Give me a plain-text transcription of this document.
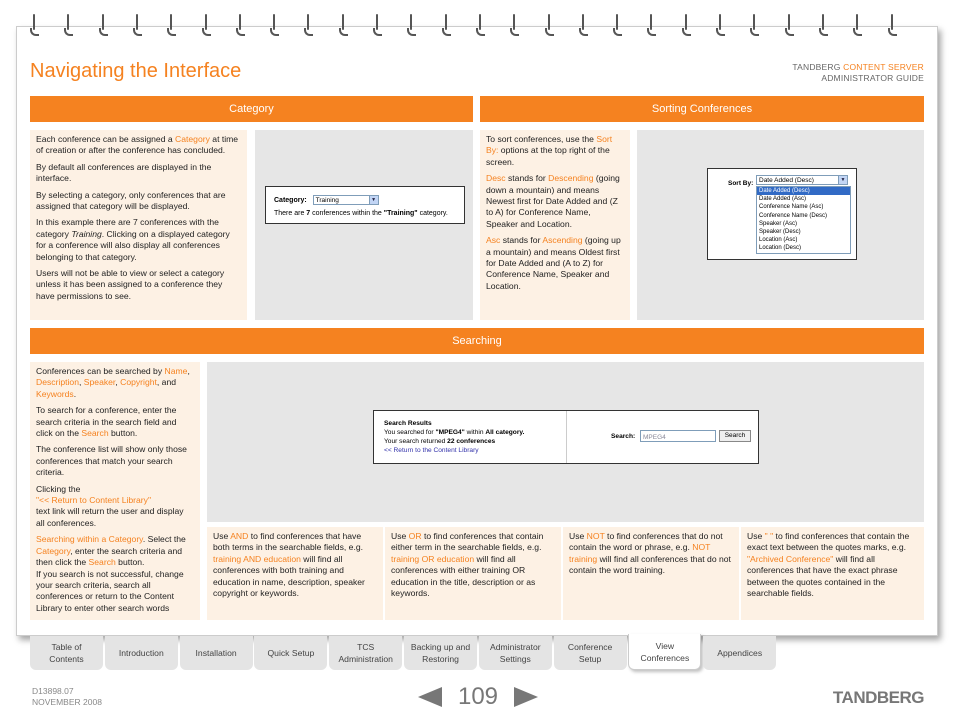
Navigating the Interface	TANDBERG CONTENT SERVER
ADMINISTRATOR GUIDE
Category

Each conference can be assigned a Category at time of creation or after the conference has concluded.

By default all conferences are displayed in the interface.

By selecting a category, only conferences that are assigned that category will be displayed.

In this example there are 7 conferences with the category Training. Clicking on a displayed category for a conference will also display all conferences belonging to that category.

Users will not be able to view or select a category unless it has been assigned to a conference they have permissions to see.

Category: Training	▼
There are 7 conferences within the "Training" category.
Sorting Conferences

To sort conferences, use the Sort By: options at the top right of the screen.

Desc stands for Descending (going down a mountain) and means Newest first for Date Added and (Z to A) for Conference Name, Speaker and Location.

Asc stands for Ascending (going up a mountain) and means Oldest first for Date Added and (A to Z) for Conference Name, Speaker and Location.

Sort By: Date Added (Desc)	▼
Date Added (Desc)
Date Added (Asc)
Conference Name (Asc)
Conference Name (Desc)
Speaker (Asc)
Speaker (Desc)
Location (Asc)
Location (Desc)
Searching

Conferences can be searched by Name, Description, Speaker, Copyright, and Keywords.

To search for a conference, enter the search criteria in the search field and click on the Search button.

The conference list will show only those conferences that match your search criteria.

Clicking the
"<< Return to Content Library"
text link will return the user and display all conferences.

Searching within a Category. Select the Category, enter the search criteria and then click the Search button.

If you search is not successful, change your search criteria, search all conferences or return to the Content Library to enter other search words

Search Results
You searched for "MPEG4" within All category.
Your search returned 22 conferences
<< Return to the Content Library
Search:	MPEG4	Search
Use AND to find conferences that have both terms in the searchable fields, e.g. training AND education will find all conferences with both training and education in name, description, speaker copyright or keywords.
Use OR to find conferences that contain either term in the searchable fields, e.g. training OR education will find all conferences with either training OR education in the title, description or as keywords.
Use NOT to find conferences that do not contain the word or phrase, e.g. NOT training will find all conferences that do not contain the word training.
Use " " to find conferences that contain the exact text between the quotes marks, e.g. "Archived Conference" will find all conferences that have the exact phrase between the quotes contained in the searchable fields.
Table of
Contents
Introduction	Installation	Quick Setup
TCS
Administration
Backing up and
Restoring
Administrator
Settings
Conference
Setup
View
Conferences	Appendices
D13898.07
NOVEMBER 2008	109	TANDBERG
